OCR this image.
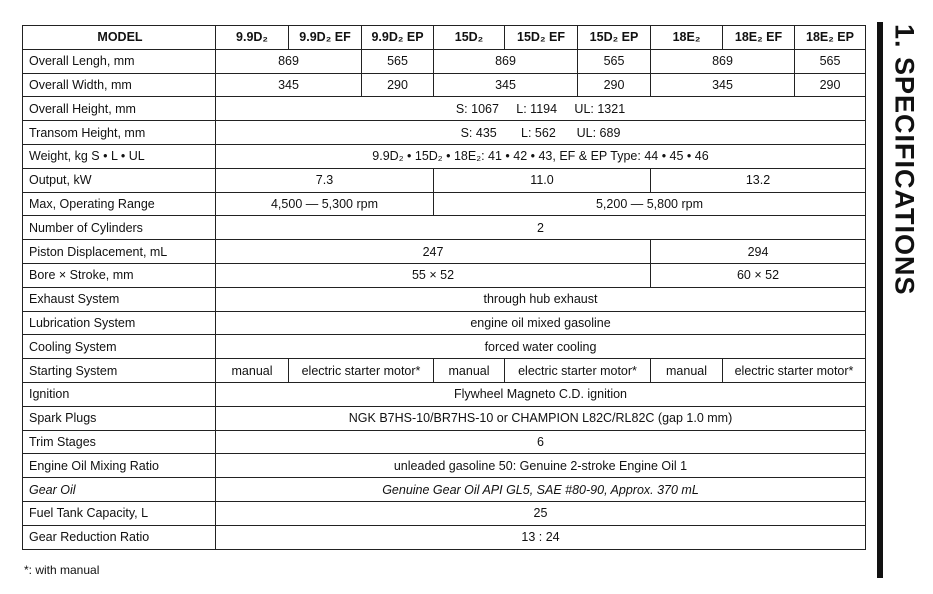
1. SPECIFICATIONS
MODEL	9.9D₂	9.9D₂ EF	9.9D₂ EP	15D₂	15D₂ EF	15D₂ EP	18E₂	18E₂ EF	18E₂ EP
Overall Lengh, mm	869		565	869		565	869		565
Overall Width, mm	345		290	345		290	345		290
Overall Height, mm	S: 1067     L: 1194     UL: 1321								
Transom Height, mm	S: 435       L: 562      UL: 689								
Weight, kg S • L • UL	9.9D₂ • 15D₂ • 18E₂: 41 • 42 • 43, EF & EP Type: 44 • 45 • 46								
Output, kW	7.3			11.0			13.2		
Max, Operating Range	4,500 — 5,300 rpm			5,200 — 5,800 rpm					
Number of Cylinders	2								
Piston Displacement, mL	247						294		
Bore × Stroke, mm	55 × 52						60 × 52		
Exhaust System	through hub exhaust								
Lubrication System	engine oil mixed gasoline								
Cooling System	forced water cooling								
Starting System	manual	electric starter motor*		manual	electric starter motor*		manual	electric starter motor*	
Ignition	Flywheel Magneto C.D. ignition								
Spark Plugs	NGK B7HS-10/BR7HS-10 or CHAMPION L82C/RL82C (gap 1.0 mm)								
Trim Stages	6								
Engine Oil Mixing Ratio	unleaded gasoline 50: Genuine 2-stroke Engine Oil 1								
Gear Oil	Genuine Gear Oil API GL5, SAE #80-90, Approx. 370 mL								
Fuel Tank Capacity, L	25								
Gear Reduction Ratio	13 : 24								
*: with manual
